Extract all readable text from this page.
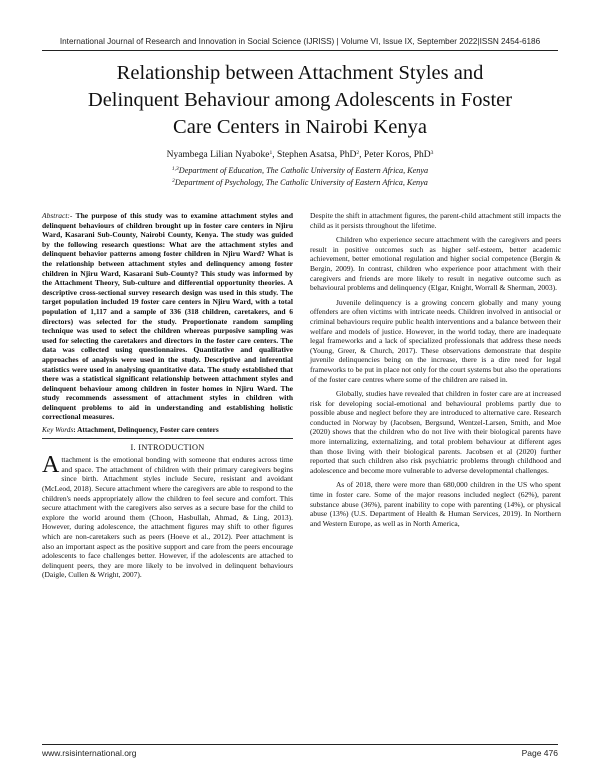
International Journal of Research and Innovation in Social Science (IJRISS) | Volume VI, Issue IX, September 2022|ISSN 2454-6186
Relationship between Attachment Styles and
Delinquent Behaviour among Adolescents in Foster
Care Centers in Nairobi Kenya
Nyambega Lilian Nyaboke$^1$, Stephen Asatsa, PhD$^2$, Peter Koros, PhD$^3$
$^{1,3}$Department of Education, The Catholic University of Eastern Africa, Kenya
$^2$Department of Psychology, The Catholic University of Eastern Africa, Kenya

Abstract:- The purpose of this study was to examine attachment styles and delinquent behaviours of children brought up in foster care centers in Njiru Ward, Kasarani Sub-County, Nairobi County, Kenya. The study was guided by the following research questions: What are the attachment styles and delinquent behavior patterns among foster children in Njiru Ward? What is the relationship between attachment styles and delinquency among foster children in Njiru Ward, Kasarani Sub-County? This study was informed by the Attachment Theory, Sub-culture and differential opportunity theories. A descriptive cross-sectional survey research design was used in this study. The target population included 19 foster care centers in Njiru Ward, with a total population of 1,117 and a sample of 336 (318 children, caretakers, and 6 directors) was selected for the study. Proportionate random sampling technique was used to select the children whereas purposive sampling was used for selecting the caretakers and directors in the foster care centers. The data was collected using questionnaires. Quantitative and qualitative approaches of analysis were used in the study. Descriptive and inferential statistics were used in analysing quantitative data. The study established that there was a statistical significant relationship between attachment styles and delinquent behaviour among children in foster homes in Njiru Ward. The study recommends assessment of attachment styles in children with delinquent problems to aid in understanding and establishing holistic correctional measures.

Key Words: Attachment, Delinquency, Foster care centers

I. INTRODUCTION

Attachment is the emotional bonding with someone that endures across time and space. The attachment of children with their primary caregivers begins since birth. Attachment styles include Secure, resistant and avoidant (McLeod, 2018). Secure attachment where the caregivers are able to respond to the children's needs appropriately allow the children to feel secure and comfort. This secure attachment with the caregivers also serves as a secure base for the child to explore the world around them (Choon, Hasbullah, Ahmad, & Ling, 2013). However, during adolescence, the attachment figures may shift to other figures which are non-caretakers such as peers (Hoeve et al., 2012). Peer attachment is also an important aspect as the positive support and care from the peers encourage adolescents to face challenges better. However, if the adolescents are attached to delinquent peers, they are more likely to be involved in delinquent behaviours (Daigle, Cullen & Wright, 2007).

Despite the shift in attachment figures, the parent-child attachment still impacts the child as it persists throughout the lifetime.

Children who experience secure attachment with the caregivers and peers result in positive outcomes such as higher self-esteem, better academic achievement, better emotional regulation and higher social competence (Bergin & Bergin, 2009). In contrast, children who experience poor attachment with their caregivers and friends are more likely to result in negative outcome such as behavioural problems and delinquency (Elgar, Knight, Worrall & Sherman, 2003).

Juvenile delinquency is a growing concern globally and many young offenders are often victims with intricate needs. Children involved in antisocial or criminal behaviours require public health interventions and a balance between their welfare and models of justice. However, in the world today, there are inadequate legal frameworks and a lack of specialized professionals that address these needs (Young, Greer, & Church, 2017). These observations demonstrate that despite juvenile delinquencies being on the increase, there is a dire need for legal frameworks to be put in place not only for the court systems but also the operations of the foster care centres where some of the children are raised in.

Globally, studies have revealed that children in foster care are at increased risk for developing social-emotional and behavioural problems partly due to possible abuse and neglect before they are introduced to alternative care. Research conducted in Norway by (Jacobsen, Bergsund, Wentzel-Larsen, Smith, and Moe (2020) shows that the children who do not live with their biological parents have more internalizing, externalizing, and total problem behaviour at different ages than those living with their biological parents. Jacobsen et al (2020) further reported that such children also risk psychiatric problems through childhood and adolescence and become more vulnerable to adverse developmental challenges.

As of 2018, there were more than 680,000 children in the US who spent time in foster care. Some of the major reasons included neglect (62%), parent substance abuse (36%), parent inability to cope with parenting (14%), or physical abuse (13%) (U.S. Department of Health & Human Services, 2019). In Northern and Western Europe, as well as in North America,

www.rsisinternational.org	Page 476
